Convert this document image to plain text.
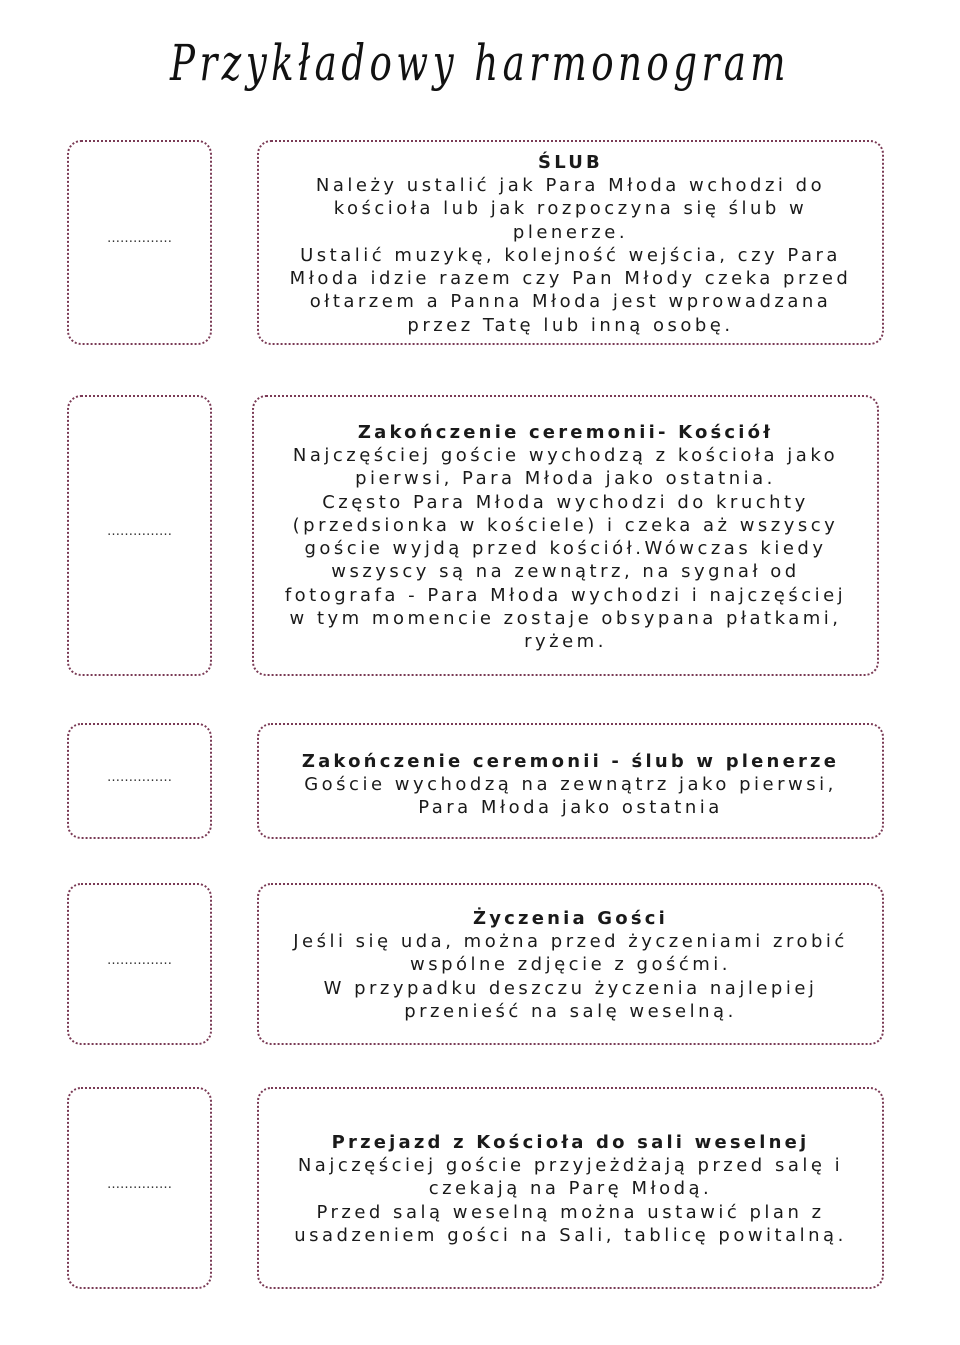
Przykładowy harmonogram
……………

ŚLUB

Należy ustalić jak Para Młoda wchodzi do

kościoła lub jak rozpoczyna się ślub w

plenerze.

Ustalić muzykę, kolejność wejścia, czy Para

Młoda idzie razem czy Pan Młody czeka przed

ołtarzem a Panna Młoda jest wprowadzana

przez Tatę lub inną osobę.

……………

Zakończenie ceremonii- Kościół

Najczęściej goście wychodzą z kościoła jako

pierwsi, Para Młoda jako ostatnia.

Często Para Młoda wychodzi do kruchty

(przedsionka w kościele) i czeka aż wszyscy

goście wyjdą przed kościół.Wówczas kiedy

wszyscy są na zewnątrz, na sygnał od

fotografa - Para Młoda wychodzi i najczęściej

w tym momencie zostaje obsypana płatkami,

ryżem.

……………

Zakończenie ceremonii - ślub w plenerze

Goście wychodzą na zewnątrz jako pierwsi,

Para Młoda jako ostatnia

……………

Życzenia Gości

Jeśli się uda, można przed życzeniami zrobić

wspólne zdjęcie z gośćmi.

W przypadku deszczu życzenia najlepiej

przenieść na salę weselną.

……………

Przejazd z Kościoła do sali weselnej

Najczęściej goście przyjeżdżają przed salę i

czekają na Parę Młodą.

Przed salą weselną można ustawić plan z

usadzeniem gości na Sali, tablicę powitalną.
